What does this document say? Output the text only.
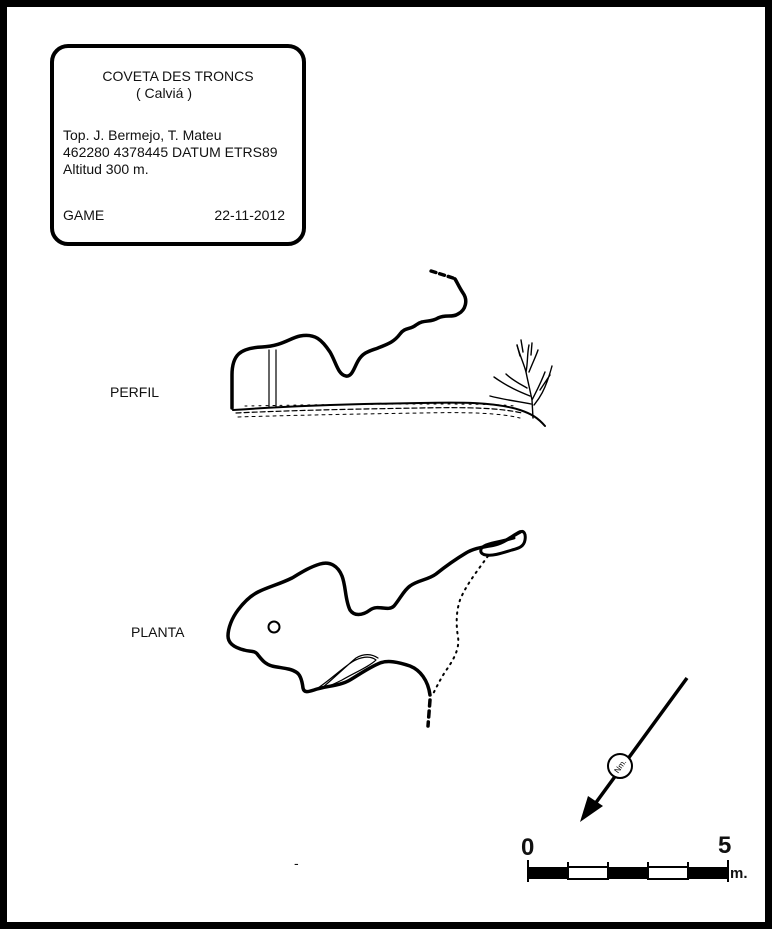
COVETA DES TRONCS
( Calviá )
Top. J. Bermejo, T. Mateu
462280 4378445 DATUM ETRS89
Altitud 300 m.
GAME	22-11-2012
PERFIL
PLANTA
-
Nm.
0	5
m.
